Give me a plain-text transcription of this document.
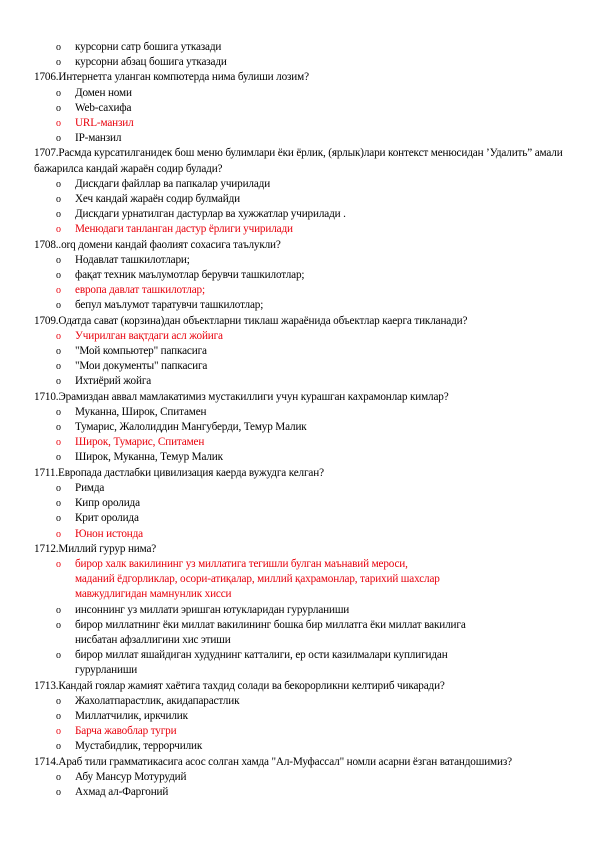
o курсорни сатр бошига утказади
o курсорни абзац бошига утказади

1706.Интернетга уланган компютерда нима булиши лозим?

o Домен номи
o Web-сахифа
o URL-манзил
o IP-манзил

1707.Расмда курсатилганидек бош меню булимлари ёки ёрлик, (ярлык)лари контекст менюсидан ’Удалить” амали бажарилса кандай жараён содир булади?

o Дискдаги файллар ва папкалар учирилади
o Хеч кандай жараён содир булмайди
o Дискдаги урнатилган дастурлар ва хужжатлар учирилади .
o Менюдаги танланган дастур ёрлиги учирилади

1708..orq домени кандай фаолият сохасига таълукли?

o Нодавлат ташкилотлари;
o фақат техник маълумотлар берувчи ташкилотлар;
o европа давлат ташкилотлар;
o бепул маълумот таратувчи ташкилотлар;

1709.Одатда сават (корзина)дан объектларни тиклаш жараёнида объектлар каерга тикланади?

o Учирилган вақтдаги асл жойига
o "Мой компьютер" папкасига
o "Мои документы" папкасига
o Ихтиёрий жойга

1710.Эрамиздан аввал мамлакатимиз мустакиллиги учун курашган кахрамонлар кимлар?

o Муканна, Широк, Спитамен
o Тумарис, Жалолиддин Мангуберди, Темур Малик
o Широк, Тумарис, Спитамен
o Широк, Муканна, Темур Малик

1711.Европада дастлабки цивилизация каерда вужудга келган?

o Римда
o Кипр оролида
o Крит оролида
o Юнон истонда

1712.Миллий гурур нима?

o бирор халк вакилининг уз миллатига тегишли булган маънавий мероси,
маданий ёдгорликлар, осори-атиқалар, миллий қахрамонлар, тарихий шахслар
мавжудлигидан мамнунлик хисси
o инсоннинг уз миллати эришган ютукларидан гурурланиши
o бирор миллатнинг ёки миллат вакилининг бошка бир миллатга ёки миллат вакилига
нисбатан афзаллигини хис этиши
o бирор миллат яшайдиган худуднинг катталиги, ер ости казилмалари куплигидан
гурурланиши

1713.Кандай гоялар жамият хаётига тахдид солади ва бекорорликни келтириб чикаради?

o Жахолатпарастлик, акидапарастлик
o Миллатчилик, иркчилик
o Барча жавоблар тугри
o Мустабидлик, террорчилик

1714.Араб тили грамматикасига асос солган хамда "Ал-Муфассал" номли асарни ёзган ватандошимиз?

o Абу Мансур Мотурудий
o Ахмад ал-Фаргоний
